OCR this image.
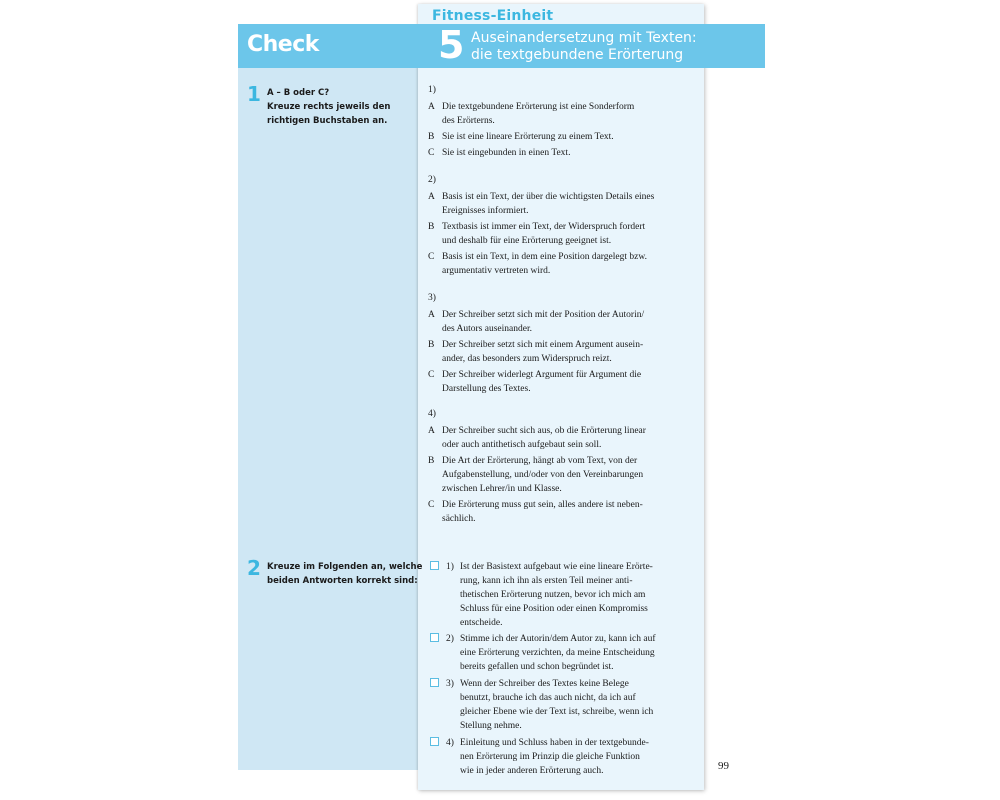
Fitness-Einheit
Check	5 Auseinandersetzung mit Texten:
die textgebundene Erörterung
1 A – B oder C?
Kreuze rechts jeweils den
richtigen Buchstaben an.
1)
A Die textgebundene Erörterung ist eine Sonderform
des Erörterns.
B Sie ist eine lineare Erörterung zu einem Text.
C Sie ist eingebunden in einen Text.
2)
A Basis ist ein Text, der über die wichtigsten Details eines
Ereignisses informiert.
B Textbasis ist immer ein Text, der Widerspruch fordert
und deshalb für eine Erörterung geeignet ist.
C Basis ist ein Text, in dem eine Position dargelegt bzw.
argumentativ vertreten wird.
3)
A Der Schreiber setzt sich mit der Position der Autorin/
des Autors auseinander.
B Der Schreiber setzt sich mit einem Argument ausein-
ander, das besonders zum Widerspruch reizt.
C Der Schreiber widerlegt Argument für Argument die
Darstellung des Textes.
4)
A Der Schreiber sucht sich aus, ob die Erörterung linear
oder auch antithetisch aufgebaut sein soll.
B Die Art der Erörterung, hängt ab vom Text, von der
Aufgabenstellung, und/oder von den Vereinbarungen
zwischen Lehrer/in und Klasse.
C Die Erörterung muss gut sein, alles andere ist neben-
sächlich.
2 Kreuze im Folgenden an, welche
beiden Antworten korrekt sind:
1) Ist der Basistext aufgebaut wie eine lineare Erörte-
rung, kann ich ihn als ersten Teil meiner anti-
thetischen Erörterung nutzen, bevor ich mich am
Schluss für eine Position oder einen Kompromiss
entscheide.
2) Stimme ich der Autorin/dem Autor zu, kann ich auf
eine Erörterung verzichten, da meine Entscheidung
bereits gefallen und schon begründet ist.
3) Wenn der Schreiber des Textes keine Belege
benutzt, brauche ich das auch nicht, da ich auf
gleicher Ebene wie der Text ist, schreibe, wenn ich
Stellung nehme.
4) Einleitung und Schluss haben in der textgebunde-
nen Erörterung im Prinzip die gleiche Funktion
wie in jeder anderen Erörterung auch.	99
